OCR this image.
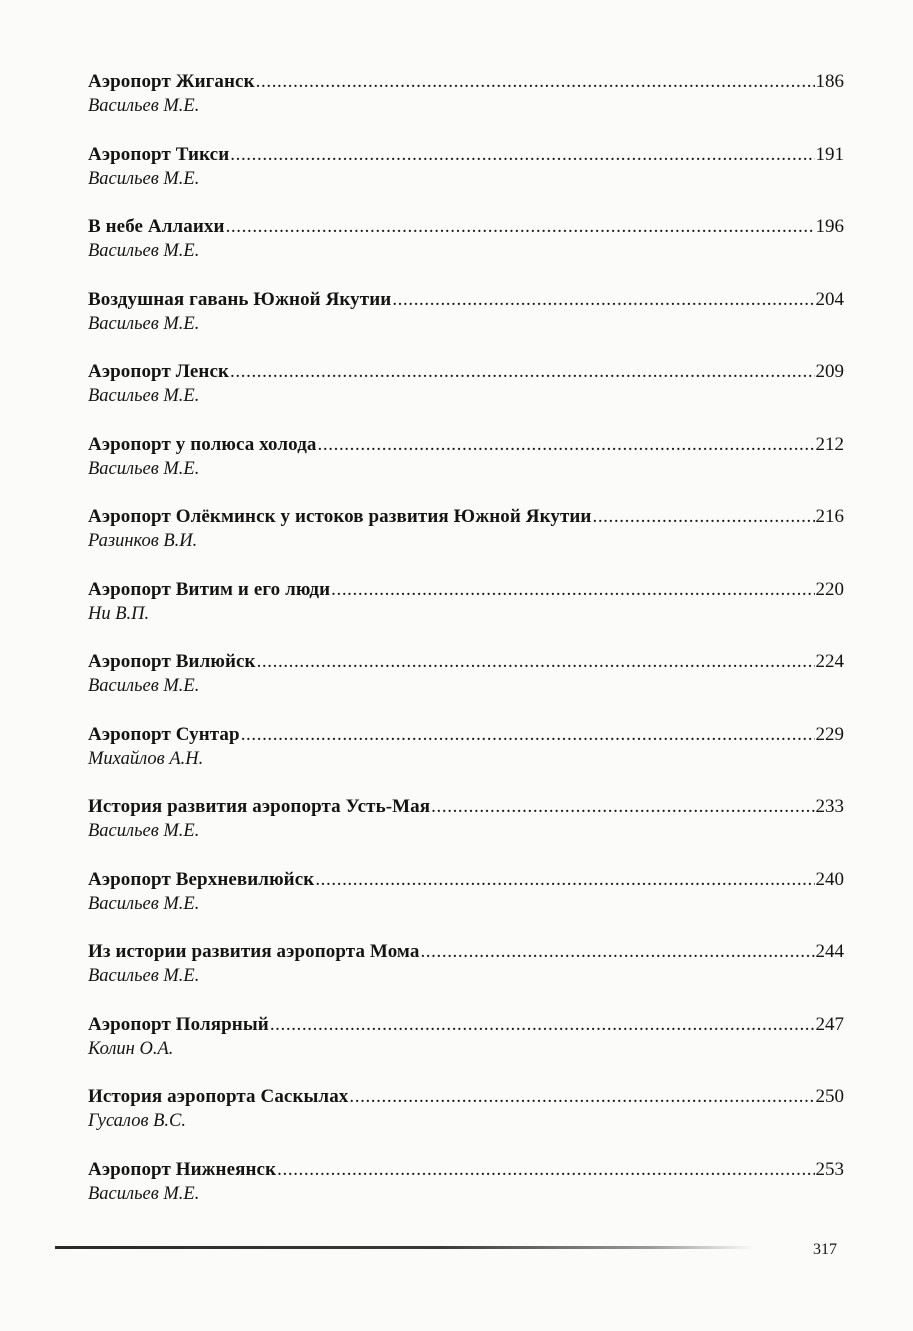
Аэропорт Жиганск .....	186
Васильев М.Е.
Аэропорт Тикси .....	191
Васильев М.Е.
В небе Аллаихи .....	196
Васильев М.Е.
Воздушная гавань Южной Якутии .....	204
Васильев М.Е.
Аэропорт Ленск .....	209
Васильев М.Е.
Аэропорт у полюса холода .....	212
Васильев М.Е.
Аэропорт Олёкминск у истоков развития Южной Якутии .....	216
Разинков В.И.
Аэропорт Витим и его люди .....	220
Ни В.П.
Аэропорт Вилюйск .....	224
Васильев М.Е.
Аэропорт Сунтар .....	229
Михайлов А.Н.
История развития аэропорта Усть-Мая .....	233
Васильев М.Е.
Аэропорт Верхневилюйск .....	240
Васильев М.Е.
Из истории развития аэропорта Мома .....	244
Васильев М.Е.
Аэропорт Полярный .....	247
Колин О.А.
История аэропорта Саскылах .....	250
Гусалов В.С.
Аэропорт Нижнеянск .....	253
Васильев М.Е.
317
